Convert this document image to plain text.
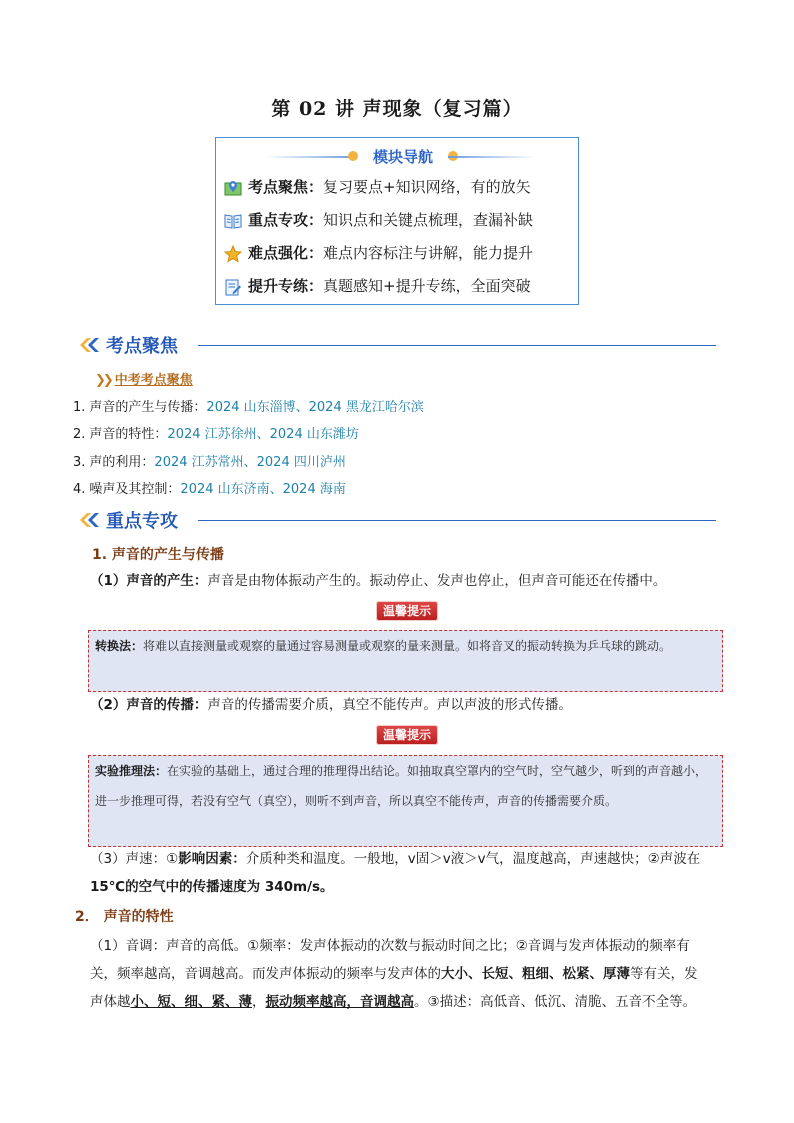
第 02 讲 声现象（复习篇）
模块导航
考点聚焦：复习要点+知识网络，有的放矢
重点专攻：知识点和关键点梳理，查漏补缺
难点强化：难点内容标注与讲解，能力提升
提升专练：真题感知+提升专练，全面突破
考点聚焦
❯❯ 中考考点聚焦
1. 声音的产生与传播：2024 山东淄博、2024 黑龙江哈尔滨
2. 声音的特性：2024 江苏徐州、2024 山东潍坊
3. 声的利用：2024 江苏常州、2024 四川泸州
4. 噪声及其控制：2024 山东济南、2024 海南
重点专攻
1. 声音的产生与传播
（1）声音的产生：声音是由物体振动产生的。振动停止、发声也停止，但声音可能还在传播中。
温馨提示
转换法：将难以直接测量或观察的量通过容易测量或观察的量来测量。如将音叉的振动转换为乒乓球的跳动。
（2）声音的传播：声音的传播需要介质，真空不能传声。声以声波的形式传播。
温馨提示
实验推理法：在实验的基础上，通过合理的推理得出结论。如抽取真空罩内的空气时，空气越少，听到的声音越小，进一步推理可得，若没有空气（真空），则听不到声音，所以真空不能传声，声音的传播需要介质。
（3）声速：①影响因素：介质种类和温度。一般地，v固＞v液＞v气，温度越高，声速越快；②声波在
15℃的空气中的传播速度为 340m/s。
2． 声音的特性
（1）音调：声音的高低。①频率：发声体振动的次数与振动时间之比；②音调与发声体振动的频率有
关，频率越高，音调越高。而发声体振动的频率与发声体的大小、长短、粗细、松紧、厚薄等有关，发
声体越小、短、细、紧、薄，振动频率越高，音调越高。③描述：高低音、低沉、清脆、五音不全等。
